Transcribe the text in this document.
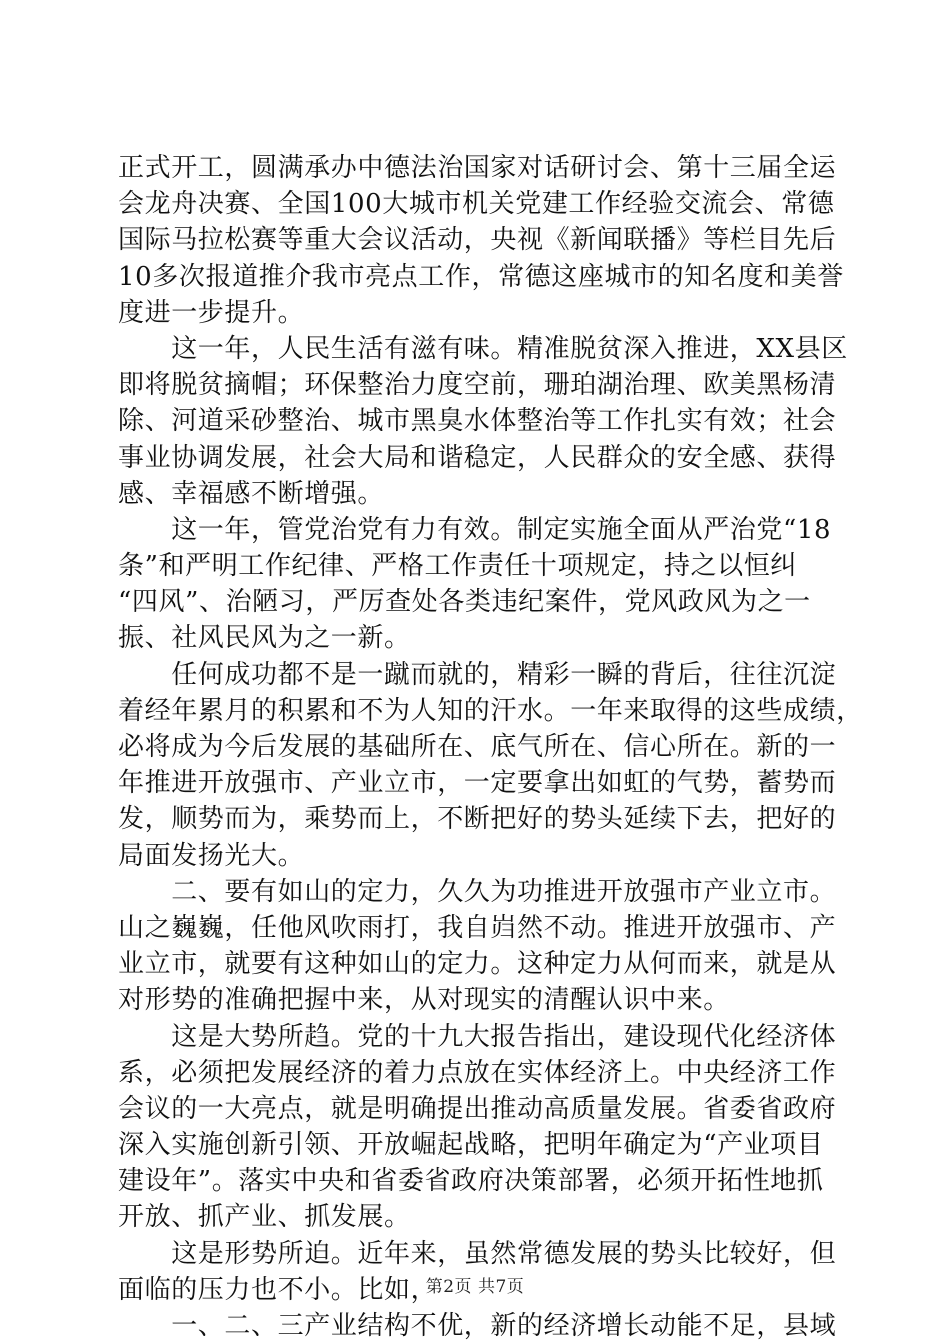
正式开工，圆满承办中德法治国家对话研讨会、第十三届全运
会龙舟决赛、全国100大城市机关党建工作经验交流会、常德
国际马拉松赛等重大会议活动，央视《新闻联播》等栏目先后
10多次报道推介我市亮点工作，常德这座城市的知名度和美誉
度进一步提升。
　　这一年，人民生活有滋有味。精准脱贫深入推进，XX县区
即将脱贫摘帽；环保整治力度空前，珊珀湖治理、欧美黑杨清
除、河道采砂整治、城市黑臭水体整治等工作扎实有效；社会
事业协调发展，社会大局和谐稳定，人民群众的安全感、获得
感、幸福感不断增强。
　　这一年，管党治党有力有效。制定实施全面从严治党“18
条”和严明工作纪律、严格工作责任十项规定，持之以恒纠
“四风”、治陋习，严厉查处各类违纪案件，党风政风为之一
振、社风民风为之一新。
　　任何成功都不是一蹴而就的，精彩一瞬的背后，往往沉淀
着经年累月的积累和不为人知的汗水。一年来取得的这些成绩，
必将成为今后发展的基础所在、底气所在、信心所在。新的一
年推进开放强市、产业立市，一定要拿出如虹的气势，蓄势而
发，顺势而为，乘势而上，不断把好的势头延续下去，把好的
局面发扬光大。
　　二、要有如山的定力，久久为功推进开放强市产业立市。
山之巍巍，任他风吹雨打，我自岿然不动。推进开放强市、产
业立市，就要有这种如山的定力。这种定力从何而来，就是从
对形势的准确把握中来，从对现实的清醒认识中来。
　　这是大势所趋。党的十九大报告指出，建设现代化经济体
系，必须把发展经济的着力点放在实体经济上。中央经济工作
会议的一大亮点，就是明确提出推动高质量发展。省委省政府
深入实施创新引领、开放崛起战略，把明年确定为“产业项目
建设年”。落实中央和省委省政府决策部署，必须开拓性地抓
开放、抓产业、抓发展。
　　这是形势所迫。近年来，虽然常德发展的势头比较好，但
面临的压力也不小。比如，
　　一、二、三产业结构不优，新的经济增长动能不足，县域
第2页 共7页
